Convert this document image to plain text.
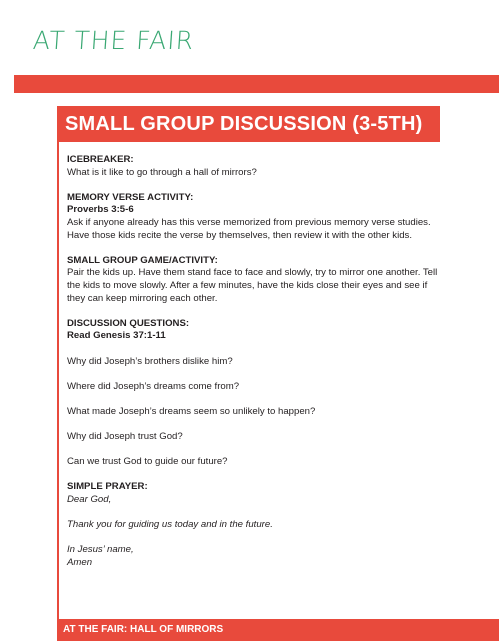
AT THE FAIR
SMALL GROUP DISCUSSION (3-5TH)

ICEBREAKER:

What is it like to go through a hall of mirrors?

MEMORY VERSE ACTIVITY:

Proverbs 3:5-6

Ask if anyone already has this verse memorized from previous memory verse studies.

Have those kids recite the verse by themselves, then review it with the other kids.

SMALL GROUP GAME/ACTIVITY:

Pair the kids up. Have them stand face to face and slowly, try to mirror one another. Tell

the kids to move slowly. After a few minutes, have the kids close their eyes and see if

they can keep mirroring each other.

DISCUSSION QUESTIONS:

Read Genesis 37:1-11

Why did Joseph’s brothers dislike him?

Where did Joseph’s dreams come from?

What made Joseph’s dreams seem so unlikely to happen?

Why did Joseph trust God?

Can we trust God to guide our future?

SIMPLE PRAYER:

Dear God,

Thank you for guiding us today and in the future.

In Jesus’ name,

Amen

AT THE FAIR: HALL OF MIRRORS
